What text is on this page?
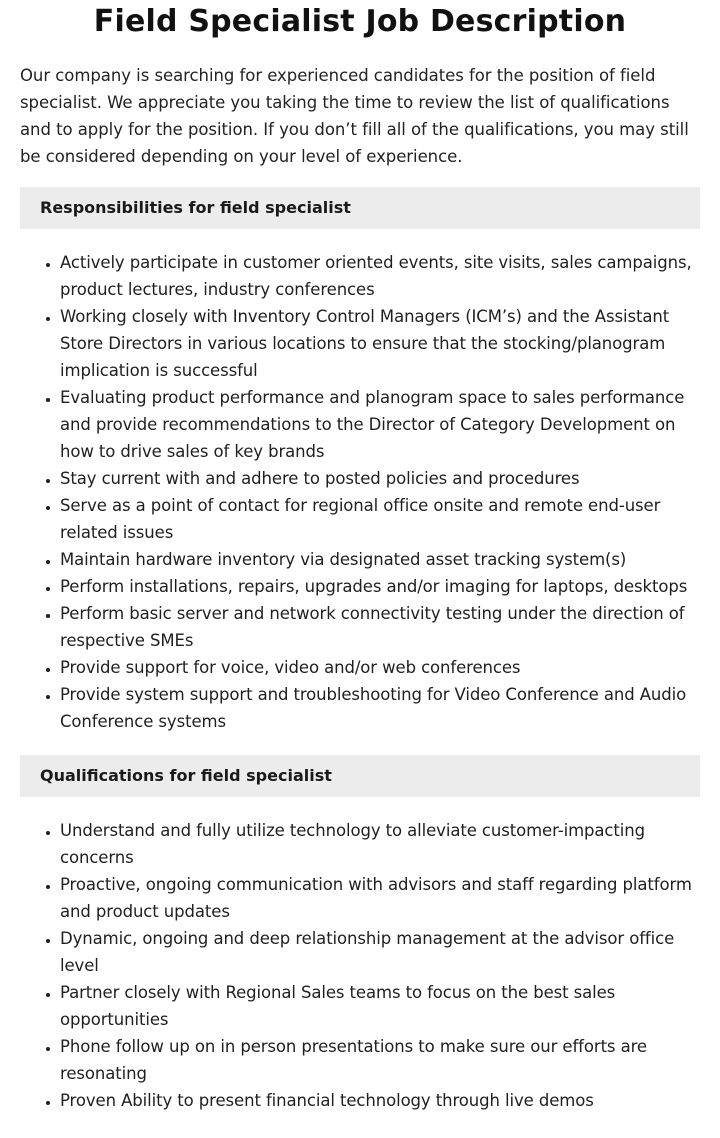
Field Specialist Job Description

Our company is searching for experienced candidates for the position of field specialist. We appreciate you taking the time to review the list of qualifications and to apply for the position. If you don’t fill all of the qualifications, you may still be considered depending on your level of experience.

Responsibilities for field specialist
• Actively participate in customer oriented events, site visits, sales campaigns, product lectures, industry conferences
• Working closely with Inventory Control Managers (ICM’s) and the Assistant Store Directors in various locations to ensure that the stocking/planogram implication is successful
• Evaluating product performance and planogram space to sales performance and provide recommendations to the Director of Category Development on how to drive sales of key brands
• Stay current with and adhere to posted policies and procedures
• Serve as a point of contact for regional office onsite and remote end-user related issues
• Maintain hardware inventory via designated asset tracking system(s)
• Perform installations, repairs, upgrades and/or imaging for laptops, desktops
• Perform basic server and network connectivity testing under the direction of respective SMEs
• Provide support for voice, video and/or web conferences
• Provide system support and troubleshooting for Video Conference and Audio Conference systems
Qualifications for field specialist
• Understand and fully utilize technology to alleviate customer-impacting concerns
• Proactive, ongoing communication with advisors and staff regarding platform and product updates
• Dynamic, ongoing and deep relationship management at the advisor office level
• Partner closely with Regional Sales teams to focus on the best sales opportunities
• Phone follow up on in person presentations to make sure our efforts are resonating
• Proven Ability to present financial technology through live demos
